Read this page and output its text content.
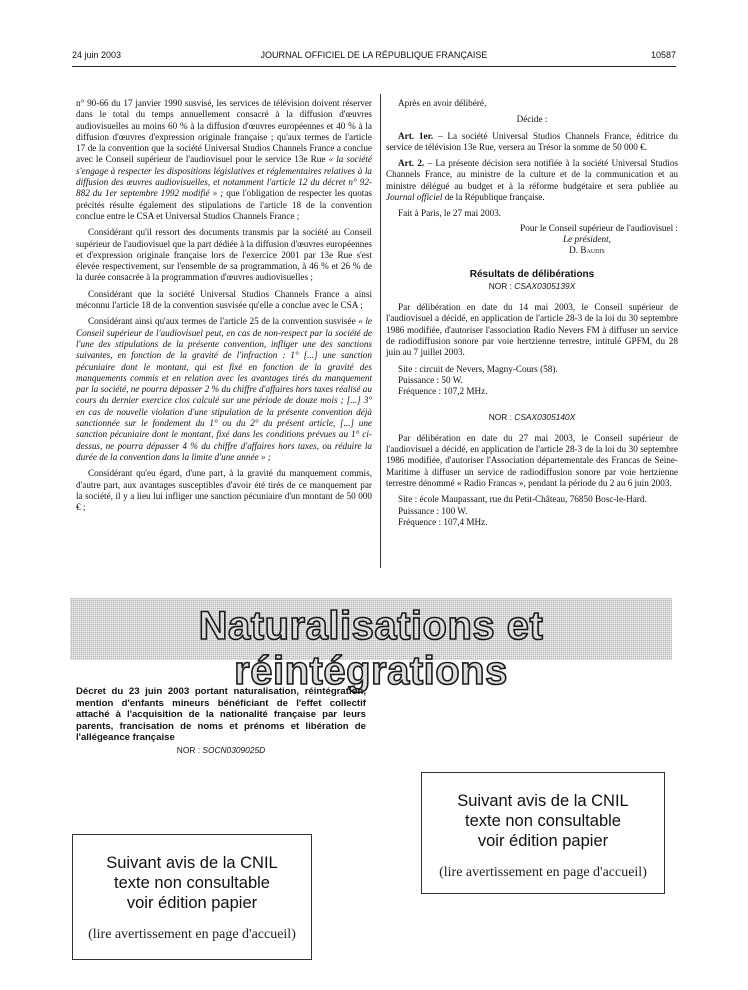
24 juin 2003	JOURNAL OFFICIEL DE LA RÉPUBLIQUE FRANÇAISE	10587

n° 90-66 du 17 janvier 1990 susvisé, les services de télévision doivent réserver dans le total du temps annuellement consacré à la diffusion d'œuvres audiovisuelles au moins 60 % à la diffusion d'œuvres européennes et 40 % à la diffusion d'œuvres d'expression originale française ; qu'aux termes de l'article 17 de la convention que la société Universal Studios Channels France a conclue avec le Conseil supérieur de l'audiovisuel pour le service 13e Rue « la société s'engage à respecter les dispositions législatives et réglementaires relatives à la diffusion des œuvres audiovisuelles, et notamment l'article 12 du décret n° 92-882 du 1er septembre 1992 modifié » ; que l'obligation de respecter les quotas précités résulte également des stipulations de l'article 18 de la convention conclue entre le CSA et Universal Studios Channels France ;

Considérant qu'il ressort des documents transmis par la société au Conseil supérieur de l'audiovisuel que la part dédiée à la diffusion d'œuvres européennes et d'expression originale française lors de l'exercice 2001 par 13e Rue s'est élevée respectivement, sur l'ensemble de sa programmation, à 46 % et 26 % de la durée consacrée à la programmation d'œuvres audiovisuelles ;

Considérant que la société Universal Studios Channels France a ainsi méconnu l'article 18 de la convention susvisée qu'elle a conclue avec le CSA ;

Considérant ainsi qu'aux termes de l'article 25 de la convention susvisée « le Conseil supérieur de l'audiovisuel peut, en cas de non-respect par la société de l'une des stipulations de la présente convention, infliger une des sanctions suivantes, en fonction de la gravité de l'infraction : 1° [...] une sanction pécuniaire dont le montant, qui est fixé en fonction de la gravité des manquements commis et en relation avec les avantages tirés du manquement par la société, ne pourra dépasser 2 % du chiffre d'affaires hors taxes réalisé au cours du dernier exercice clos calculé sur une période de douze mois ; [...] 3° en cas de nouvelle violation d'une stipulation de la présente convention déjà sanctionnée sur le fondement du 1° ou du 2° du présent article, [...] une sanction pécuniaire dont le montant, fixé dans les conditions prévues au 1° ci-dessus, ne pourra dépasser 4 % du chiffre d'affaires hors taxes, ou réduire la durée de la convention dans la limite d'une année » ;

Considérant qu'eu égard, d'une part, à la gravité du manquement commis, d'autre part, aux avantages susceptibles d'avoir été tirés de ce manquement par la société, il y a lieu lui infliger une sanction pécuniaire d'un montant de 50 000 € ;

Après en avoir délibéré,

Décide :

Art. 1er. – La société Universal Studios Channels France, éditrice du service de télévision 13e Rue, versera au Trésor la somme de 50 000 €.

Art. 2. – La présente décision sera notifiée à la société Universal Studios Channels France, au ministre de la culture et de la communication et au ministre délégué au budget et à la réforme budgétaire et sera publiée au Journal officiel de la République française.

Fait à Paris, le 27 mai 2003.

Pour le Conseil supérieur de l'audiovisuel :

Le président,

D. Baudis

Résultats de délibérations

NOR : CSAX0305139X

Par délibération en date du 14 mai 2003, le Conseil supérieur de l'audiovisuel a décidé, en application de l'article 28-3 de la loi du 30 septembre 1986 modifiée, d'autoriser l'association Radio Nevers FM à diffuser un service de radiodiffusion sonore par voie hertzienne terrestre, intitulé GPFM, du 28 juin au 7 juillet 2003.

Site : circuit de Nevers, Magny-Cours (58).

Puissance : 50 W.

Fréquence : 107,2 MHz.

NOR : CSAX0305140X

Par délibération en date du 27 mai 2003, le Conseil supérieur de l'audiovisuel a décidé, en application de l'article 28-3 de la loi du 30 septembre 1986 modifiée, d'autoriser l'Association départementale des Francas de Seine-Maritime à diffuser un service de radiodiffusion sonore par voie hertzienne terrestre dénommé « Radio Francas », pendant la période du 2 au 6 juin 2003.

Site : école Maupassant, rue du Petit-Château, 76850 Bosc-le-Hard.

Puissance : 100 W.

Fréquence : 107,4 MHz.

Naturalisations et réintégrations
Décret du 23 juin 2003 portant naturalisation, réintégration, mention d'enfants mineurs bénéficiant de l'effet collectif attaché à l'acquisition de la nationalité française par leurs parents, francisation de noms et prénoms et libération de l'allégeance française
NOR : SOCN0309025D
Suivant avis de la CNIL
texte non consultable
voir édition papier
(lire avertissement en page d'accueil)
Suivant avis de la CNIL
texte non consultable
voir édition papier
(lire avertissement en page d'accueil)
